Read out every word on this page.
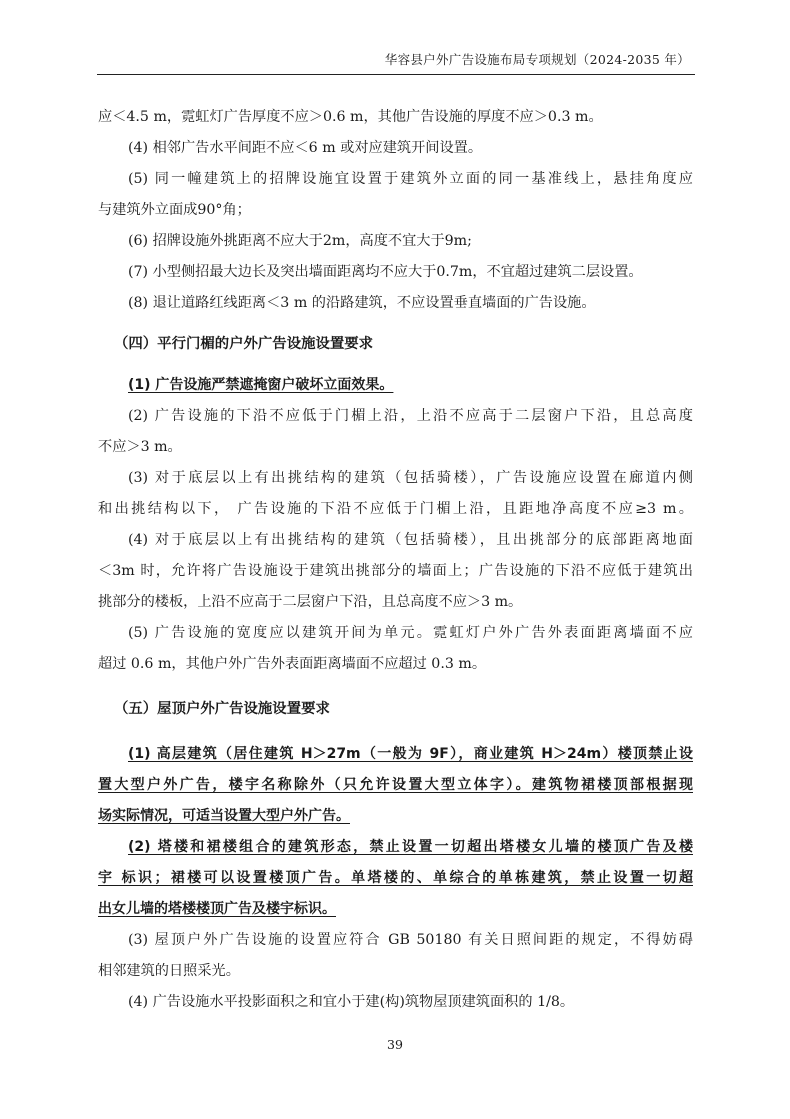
华容县户外广告设施布局专项规划（2024-2035 年）
应＜4.5 m，霓虹灯广告厚度不应＞0.6 m，其他广告设施的厚度不应＞0.3 m。
(4) 相邻广告水平间距不应＜6 m 或对应建筑开间设置。
(5) 同一幢建筑上的招牌设施宜设置于建筑外立面的同一基准线上，悬挂角度应
与建筑外立面成90°角；
(6) 招牌设施外挑距离不应大于2m，高度不宜大于9m;
(7) 小型侧招最大边长及突出墙面距离均不应大于0.7m，不宜超过建筑二层设置。
(8) 退让道路红线距离＜3 m 的沿路建筑，不应设置垂直墙面的广告设施。
（四）平行门楣的户外广告设施设置要求
(1) 广告设施严禁遮掩窗户破坏立面效果。
(2) 广告设施的下沿不应低于门楣上沿，上沿不应高于二层窗户下沿，且总高度
不应＞3 m。
(3) 对于底层以上有出挑结构的建筑（包括骑楼），广告设施应设置在廊道内侧
和出挑结构以下， 广告设施的下沿不应低于门楣上沿，且距地净高度不应≥3 m。
(4) 对于底层以上有出挑结构的建筑（包括骑楼），且出挑部分的底部距离地面
＜3m 时，允许将广告设施设于建筑出挑部分的墙面上；广告设施的下沿不应低于建筑出
挑部分的楼板，上沿不应高于二层窗户下沿，且总高度不应＞3 m。
(5) 广告设施的宽度应以建筑开间为单元。霓虹灯户外广告外表面距离墙面不应
超过 0.6 m，其他户外广告外表面距离墙面不应超过 0.3 m。
（五）屋顶户外广告设施设置要求
(1) 高层建筑（居住建筑 H＞27m（一般为 9F），商业建筑 H＞24m）楼顶禁止设
置大型户外广告，楼宇名称除外（只允许设置大型立体字）。建筑物裙楼顶部根据现
场实际情况，可适当设置大型户外广告。
(2) 塔楼和裙楼组合的建筑形态，禁止设置一切超出塔楼女儿墙的楼顶广告及楼
宇 标识；裙楼可以设置楼顶广告。单塔楼的、单综合的单栋建筑，禁止设置一切超
出女儿墙的塔楼楼顶广告及楼宇标识。
(3) 屋顶户外广告设施的设置应符合 GB 50180 有关日照间距的规定，不得妨碍
相邻建筑的日照采光。
(4) 广告设施水平投影面积之和宜小于建(构)筑物屋顶建筑面积的 1/8。
39
